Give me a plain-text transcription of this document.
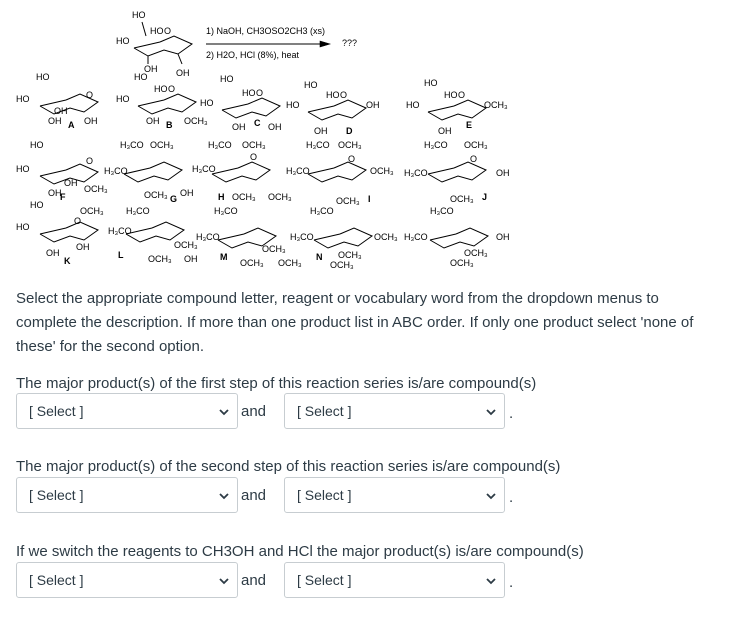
HO
HO O
HO
OH OH
1) NaOH, CH3OSO2CH3 (xs)
2) H2O, HCl (8%), heat
???
HO
HO	O
OH
OH	OH
A
HO
HO
HO O
OH B OCH₃
HO
HO
HO O
OH C OH
HO
HO
HO O
OH
OH D
HO
HO
HO O
OCH₃
OH
E
HO
HO
O
OH
OH
F
OCH₃
H₃CO OCH₃
H₃CO
OCH₃ G
OH
H₃CO OCH₃
H₃CO
O
H OCH₃ OCH₃
H₃CO OCH₃
H₃CO
O
OCH₃
OCH₃ I
H₃CO OCH₃
H₃CO
O
OH
OCH₃ J
HO
HO
OCH₃
O
OH
OH
K
H₃CO
H₃CO
L
OCH₃
OCH₃ OH
H₃CO
H₃CO
M
OCH₃
OCH₃ OCH₃
H₃CO
H₃CO	OCH₃
N OCH₃
OCH₃
H₃CO
H₃CO	OH
OCH₃
OCH₃
Select the appropriate compound letter, reagent or vocabulary word from the dropdown menus to complete the description. If more than one product list in ABC order. If only one product select 'none of these' for the second option.
The major product(s) of the first step of this reaction series is/are compound(s)
[ Select ]	and [ Select ]	.
The major product(s) of the second step of this reaction series is/are compound(s)
[ Select ]	and [ Select ]	.
If we switch the reagents to CH3OH and HCl the major product(s) is/are compound(s)
[ Select ]	and [ Select ]	.
